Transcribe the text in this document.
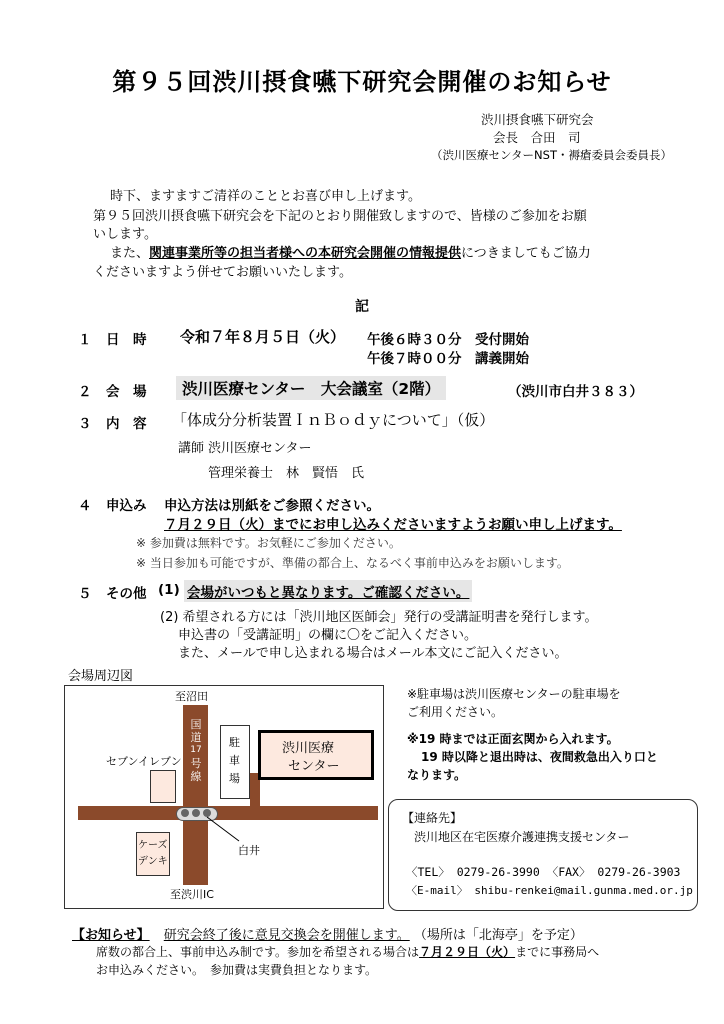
第９５回渋川摂食嚥下研究会開催のお知らせ
渋川摂食嚥下研究会
会長　合田　司
（渋川医療センターNST・褥瘡委員会委員長）
時下、ますますご清祥のこととお喜び申し上げます。
第９５回渋川摂食嚥下研究会を下記のとおり開催致しますので、皆様のご参加をお願
いします。
また、関連事業所等の担当者様への本研究会開催の情報提供につきましてもご協力
くださいますよう併せてお願いいたします。
記
１ 日　時 令和７年８月５日（火） 午後６時３０分　受付開始
午後７時００分　講義開始
２ 会　場	渋川医療センター　大会議室（2階）	（渋川市白井３８３）
３ 内　容 「体成分分析装置ＩｎＢｏｄｙについて」（仮）
講師 渋川医療センター
管理栄養士　林　賢悟　氏
４ 申込み 申込方法は別紙をご参照ください。
７月２９日（火）までにお申し込みくださいますようお願い申し上げます。
※ 参加費は無料です。お気軽にご参加ください。
※ 当日参加も可能ですが、準備の都合上、なるべく事前申込みをお願いします。
５ その他 (1) 会場がいつもと異なります。ご確認ください。
(2) 希望される方には「渋川地区医師会」発行の受講証明書を発行します。
申込書の「受講証明」の欄に〇をご記入ください。
また、メールで申し込まれる場合はメール本文にご記入ください。
会場周辺図
至沼田
至渋川IC
国
道
17
号
線
セブンイレブン
駐
車
場
渋川医療
センター
ケーズ
デンキ
白井
※駐車場は渋川医療センターの駐車場を
ご利用ください。
※19 時までは正面玄関から入れます。
19 時以降と退出時は、夜間救急出入り口と
なります。
【連絡先】
渋川地区在宅医療介護連携支援センター
〈TEL〉 0279-26-3990 〈FAX〉 0279-26-3903
〈E-mail〉 shibu-renkei@mail.gunma.med.or.jp
【お知らせ】 研究会終了後に意見交換会を開催します。 （場所は「北海亭」を予定）
席数の都合上、事前申込み制です。参加を希望される場合は７月２９日（火）までに事務局へ
お申込みください。　参加費は実費負担となります。
